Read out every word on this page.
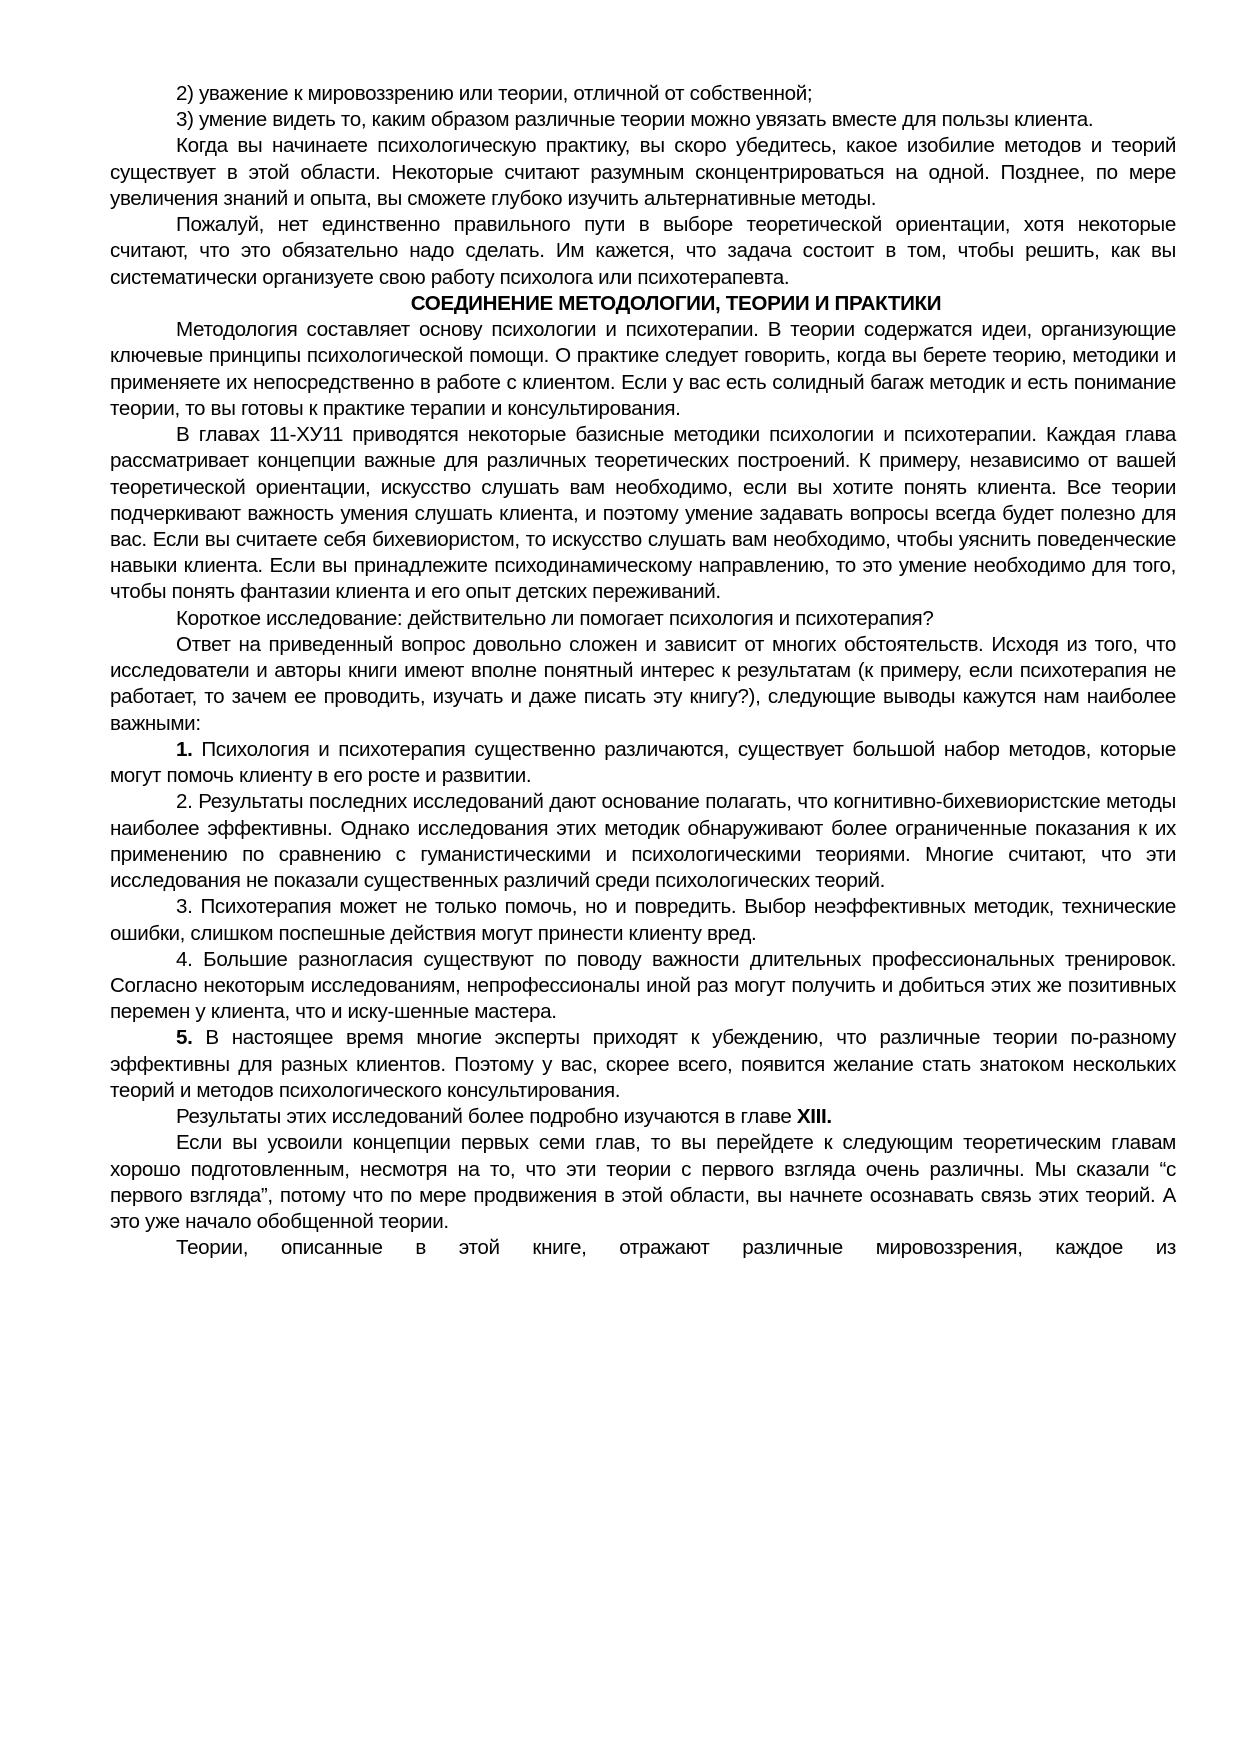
2) уважение к мировоззрению или теории, отличной от собственной;

3) умение видеть то, каким образом различные теории можно увязать вместе для пользы клиента.

Когда вы начинаете психологическую практику, вы скоро убедитесь, какое изобилие методов и теорий существует в этой области. Некоторые считают разумным сконцентрироваться на одной. Позднее, по мере увеличения знаний и опыта, вы сможете глубоко изучить альтернативные методы.

Пожалуй, нет единственно правильного пути в выборе теоретической ориентации, хотя некоторые считают, что это обязательно надо сделать. Им кажется, что задача состоит в том, чтобы решить, как вы систематически организуете свою работу психолога или психотерапевта.

СОЕДИНЕНИЕ МЕТОДОЛОГИИ, ТЕОРИИ И ПРАКТИКИ

Методология составляет основу психологии и психотерапии. В теории содержатся идеи, организующие ключевые принципы психологической помощи. О практике следует говорить, когда вы берете теорию, методики и применяете их непосредственно в работе с клиентом. Если у вас есть солидный багаж методик и есть понимание теории, то вы готовы к практике терапии и консультирования.

В главах 11-ХУ11 приводятся некоторые базисные методики психологии и психотерапии. Каждая глава рассматривает концепции важные для различных теоретических построений. К примеру, независимо от вашей теоретической ориентации, искусство слушать вам необходимо, если вы хотите понять клиента. Все теории подчеркивают важность умения слушать клиента, и поэтому умение задавать вопросы всегда будет полезно для вас. Если вы считаете себя бихевиористом, то искусство слушать вам необходимо, чтобы уяснить поведенческие навыки клиента. Если вы принадлежите психодинамическому направлению, то это умение необходимо для того, чтобы понять фантазии клиента и его опыт детских переживаний.

Короткое исследование: действительно ли помогает психология и психотерапия?

Ответ на приведенный вопрос довольно сложен и зависит от многих обстоятельств. Исходя из того, что исследователи и авторы книги имеют вполне понятный интерес к результатам (к примеру, если психотерапия не работает, то зачем ее проводить, изучать и даже писать эту книгу?), следующие выводы кажутся нам наиболее важными:

1. Психология и психотерапия существенно различаются, существует большой набор методов, которые могут помочь клиенту в его росте и развитии.

2. Результаты последних исследований дают основание полагать, что когнитивно-бихевиористские методы наиболее эффективны. Однако исследования этих методик обнаруживают более ограниченные показания к их применению по сравнению с гуманистическими и психологическими теориями. Многие считают, что эти исследования не показали существенных различий среди психологических теорий.

3. Психотерапия может не только помочь, но и повредить. Выбор неэффективных методик, технические ошибки, слишком поспешные действия могут принести клиенту вред.

4. Большие разногласия существуют по поводу важности длительных профессиональных тренировок. Согласно некоторым исследованиям, непрофессионалы иной раз могут получить и добиться этих же позитивных перемен у клиента, что и иску-шенные мастера.

5. В настоящее время многие эксперты приходят к убеждению, что различные теории по-разному эффективны для разных клиентов. Поэтому у вас, скорее всего, появится желание стать знатоком нескольких теорий и методов психологического консультирования.

Результаты этих исследований более подробно изучаются в главе XIII.

Если вы усвоили концепции первых семи глав, то вы перейдете к следующим теоретическим главам хорошо подготовленным, несмотря на то, что эти теории с первого взгляда очень различны. Мы сказали “с первого взгляда”, потому что по мере продвижения в этой области, вы начнете осознавать связь этих теорий. А это уже начало обобщенной теории.

Теории, описанные в этой книге, отражают различные мировоззрения, каждое из
